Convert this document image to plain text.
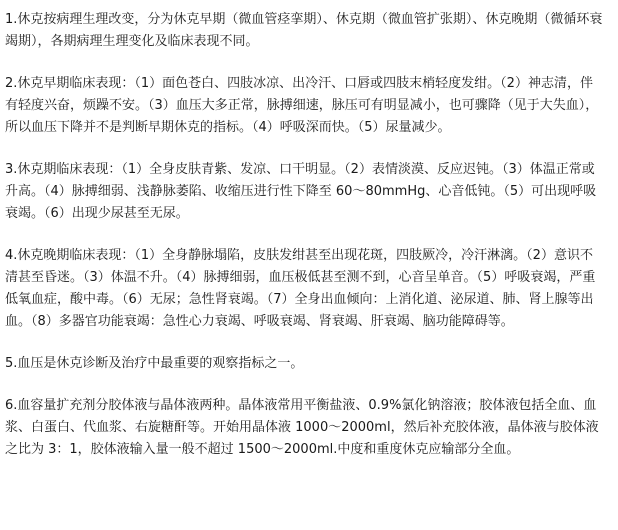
1.休克按病理生理改变，分为休克早期（微血管痉挛期）、休克期（微血管扩张期）、休克晚期（微循环衰竭期），各期病理生理变化及临床表现不同。

2.休克早期临床表现：（1）面色苍白、四肢冰凉、出冷汗、口唇或四肢末梢轻度发绀。（2）神志清，伴有轻度兴奋，烦躁不安。（3）血压大多正常，脉搏细速，脉压可有明显减小，也可骤降（见于大失血），所以血压下降并不是判断早期休克的指标。（4）呼吸深而快。（5）尿量减少。

3.休克期临床表现：（1）全身皮肤青紫、发凉、口干明显。（2）表情淡漠、反应迟钝。（3）体温正常或升高。（4）脉搏细弱、浅静脉萎陷、收缩压进行性下降至 60～80mmHg、心音低钝。（5）可出现呼吸衰竭。（6）出现少尿甚至无尿。

4.休克晚期临床表现：（1）全身静脉塌陷，皮肤发绀甚至出现花斑，四肢厥冷，冷汗淋漓。（2）意识不清甚至昏迷。（3）体温不升。（4）脉搏细弱，血压极低甚至测不到，心音呈单音。（5）呼吸衰竭，严重低氧血症，酸中毒。（6）无尿；急性肾衰竭。（7）全身出血倾向：上消化道、泌尿道、肺、肾上腺等出血。（8）多器官功能衰竭：急性心力衰竭、呼吸衰竭、肾衰竭、肝衰竭、脑功能障碍等。

5.血压是休克诊断及治疗中最重要的观察指标之一。

6.血容量扩充剂分胶体液与晶体液两种。晶体液常用平衡盐液、0.9%氯化钠溶液；胶体液包括全血、血浆、白蛋白、代血浆、右旋糖酐等。开始用晶体液 1000～2000ml，然后补充胶体液，晶体液与胶体液之比为 3：1，胶体液输入量一般不超过 1500～2000ml.中度和重度休克应输部分全血。
